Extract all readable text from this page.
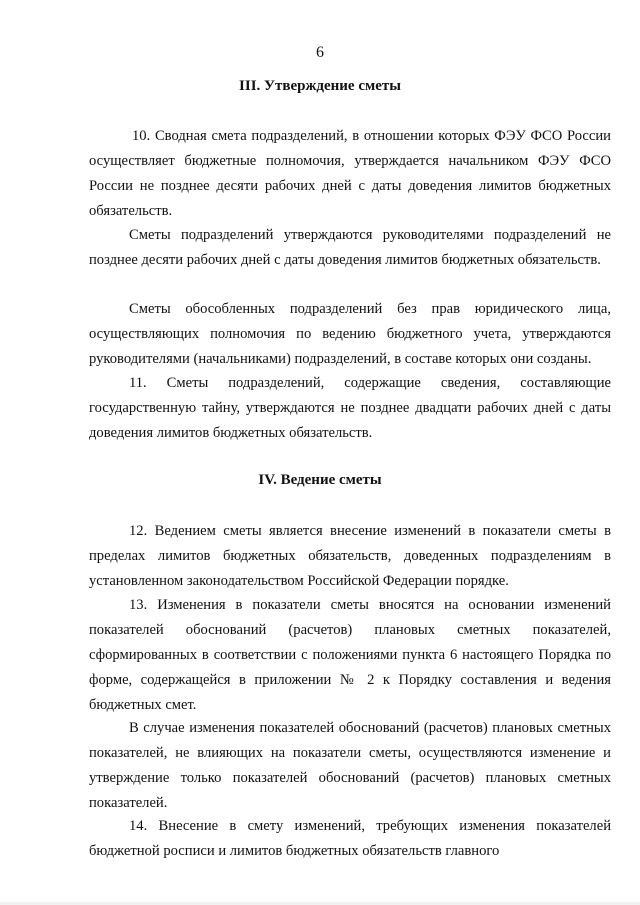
6
III. Утверждение сметы
10. Сводная смета подразделений, в отношении которых ФЭУ ФСО России осуществляет бюджетные полномочия, утверждается начальником ФЭУ ФСО России не позднее десяти рабочих дней с даты доведения лимитов бюджетных обязательств.
Сметы подразделений утверждаются руководителями подразделений не позднее десяти рабочих дней с даты доведения лимитов бюджетных обязательств.
Сметы обособленных подразделений без прав юридического лица, осуществляющих полномочия по ведению бюджетного учета, утверждаются руководителями (начальниками) подразделений, в составе которых они созданы.
11. Сметы подразделений, содержащие сведения, составляющие государственную тайну, утверждаются не позднее двадцати рабочих дней с даты доведения лимитов бюджетных обязательств.
IV. Ведение сметы
12. Ведением сметы является внесение изменений в показатели сметы в пределах лимитов бюджетных обязательств, доведенных подразделениям в установленном законодательством Российской Федерации порядке.
13. Изменения в показатели сметы вносятся на основании изменений показателей обоснований (расчетов) плановых сметных показателей, сформированных в соответствии с положениями пункта 6 настоящего Порядка по форме, содержащейся в приложении № 2 к Порядку составления и ведения бюджетных смет.
В случае изменения показателей обоснований (расчетов) плановых сметных показателей, не влияющих на показатели сметы, осуществляются изменение и утверждение только показателей обоснований (расчетов) плановых сметных показателей.
14. Внесение в смету изменений, требующих изменения показателей бюджетной росписи и лимитов бюджетных обязательств главного
